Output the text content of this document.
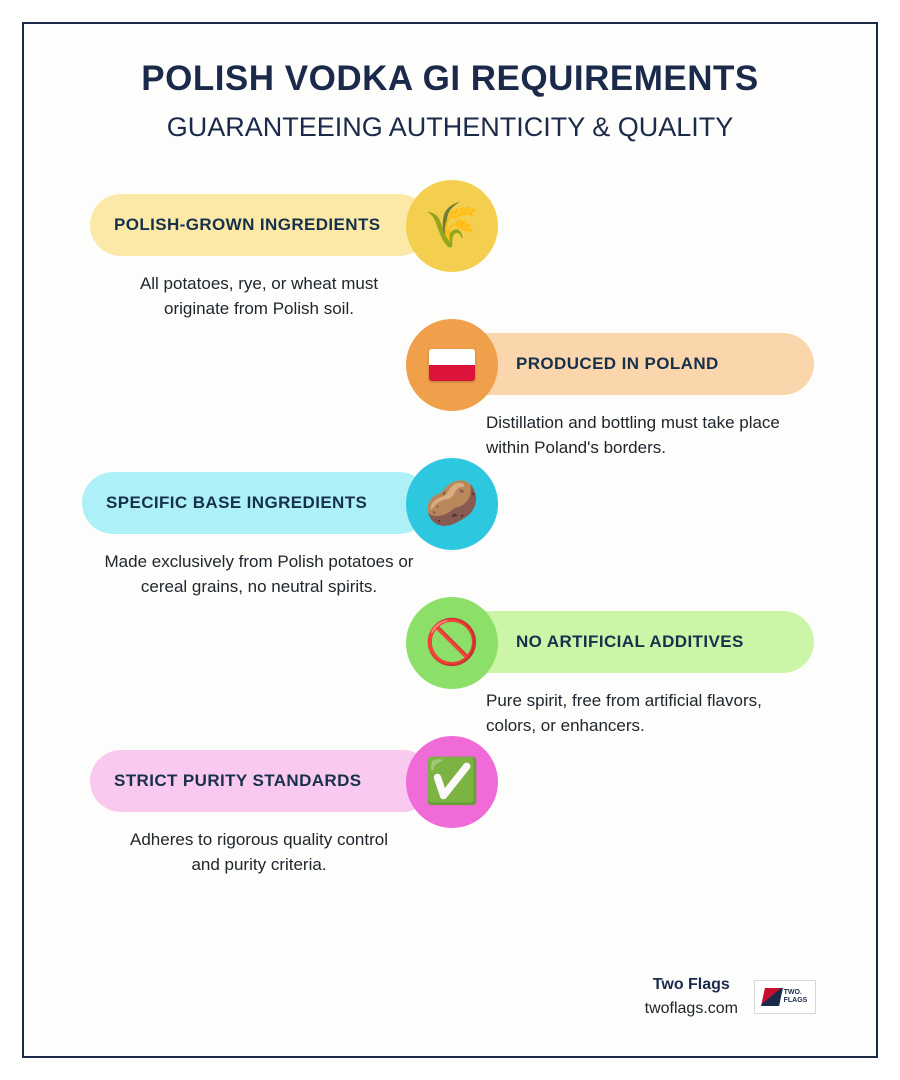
POLISH VODKA GI REQUIREMENTS
GUARANTEEING AUTHENTICITY & QUALITY
POLISH-GROWN INGREDIENTS 🌾
All potatoes, rye, or wheat must originate from Polish soil.
PRODUCED IN POLAND
Distillation and bottling must take place within Poland's borders.
SPECIFIC BASE INGREDIENTS 🥔
Made exclusively from Polish potatoes or cereal grains, no neutral spirits.
NO ARTIFICIAL ADDITIVES
🚫
Pure spirit, free from artificial flavors, colors, or enhancers.
STRICT PURITY STANDARDS ✅
Adheres to rigorous quality control and purity criteria.
Two Flags
twoflags.com
TWO.
FLAGS
